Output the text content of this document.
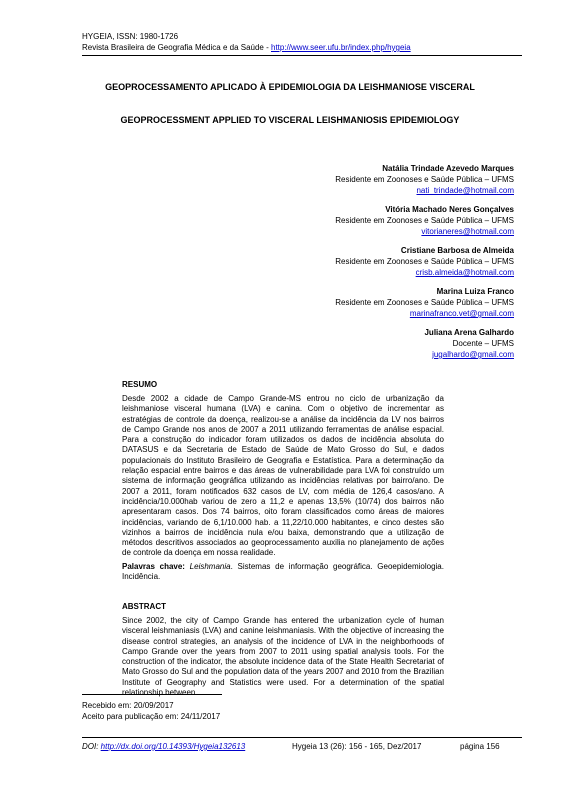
HYGEIA, ISSN: 1980-1726
Revista Brasileira de Geografia Médica e da Saúde - http://www.seer.ufu.br/index.php/hygeia
GEOPROCESSAMENTO APLICADO À EPIDEMIOLOGIA DA LEISHMANIOSE VISCERAL
GEOPROCESSMENT APPLIED TO VISCERAL LEISHMANIOSIS EPIDEMIOLOGY
Natália Trindade Azevedo Marques
Residente em Zoonoses e Saúde Pública – UFMS
nati_trindade@hotmail.com
Vitória Machado Neres Gonçalves
Residente em Zoonoses e Saúde Pública – UFMS
vitorianeres@hotmail.com
Cristiane Barbosa de Almeida
Residente em Zoonoses e Saúde Pública – UFMS
crisb.almeida@hotmail.com
Marina Luiza Franco
Residente em Zoonoses e Saúde Pública – UFMS
marinafranco.vet@gmail.com
Juliana Arena Galhardo
Docente – UFMS
jugalhardo@gmail.com
RESUMO
Desde 2002 a cidade de Campo Grande-MS entrou no ciclo de urbanização da leishmaniose visceral humana (LVA) e canina. Com o objetivo de incrementar as estratégias de controle da doença, realizou-se a análise da incidência da LV nos bairros de Campo Grande nos anos de 2007 a 2011 utilizando ferramentas de análise espacial. Para a construção do indicador foram utilizados os dados de incidência absoluta do DATASUS e da Secretaria de Estado de Saúde de Mato Grosso do Sul, e dados populacionais do Instituto Brasileiro de Geografia e Estatística. Para a determinação da relação espacial entre bairros e das áreas de vulnerabilidade para LVA foi construído um sistema de informação geográfica utilizando as incidências relativas por bairro/ano. De 2007 a 2011, foram notificados 632 casos de LV, com média de 126,4 casos/ano. A incidência/10.000hab variou de zero a 11,2 e apenas 13,5% (10/74) dos bairros não apresentaram casos. Dos 74 bairros, oito foram classificados como áreas de maiores incidências, variando de 6,1/10.000 hab. a 11,22/10.000 habitantes, e cinco destes são vizinhos a bairros de incidência nula e/ou baixa, demonstrando que a utilização de métodos descritivos associados ao geoprocessamento auxilia no planejamento de ações de controle da doença em nossa realidade.
Palavras chave: Leishmania. Sistemas de informação geográfica. Geoepidemiologia. Incidência.
ABSTRACT
Since 2002, the city of Campo Grande has entered the urbanization cycle of human visceral leishmaniasis (LVA) and canine leishmaniasis. With the objective of increasing the disease control strategies, an analysis of the incidence of LVA in the neighborhoods of Campo Grande over the years from 2007 to 2011 using spatial analysis tools. For the construction of the indicator, the absolute incidence data of the State Health Secretariat of Mato Grosso do Sul and the population data of the years 2007 and 2010 from the Brazilian Institute of Geography and Statistics were used. For a determination of the spatial relationship between
Recebido em: 20/09/2017
Aceito para publicação em: 24/11/2017
DOI: http://dx.doi.org/10.14393/Hygeia132613	Hygeia 13 (26): 156 - 165, Dez/2017	página 156
